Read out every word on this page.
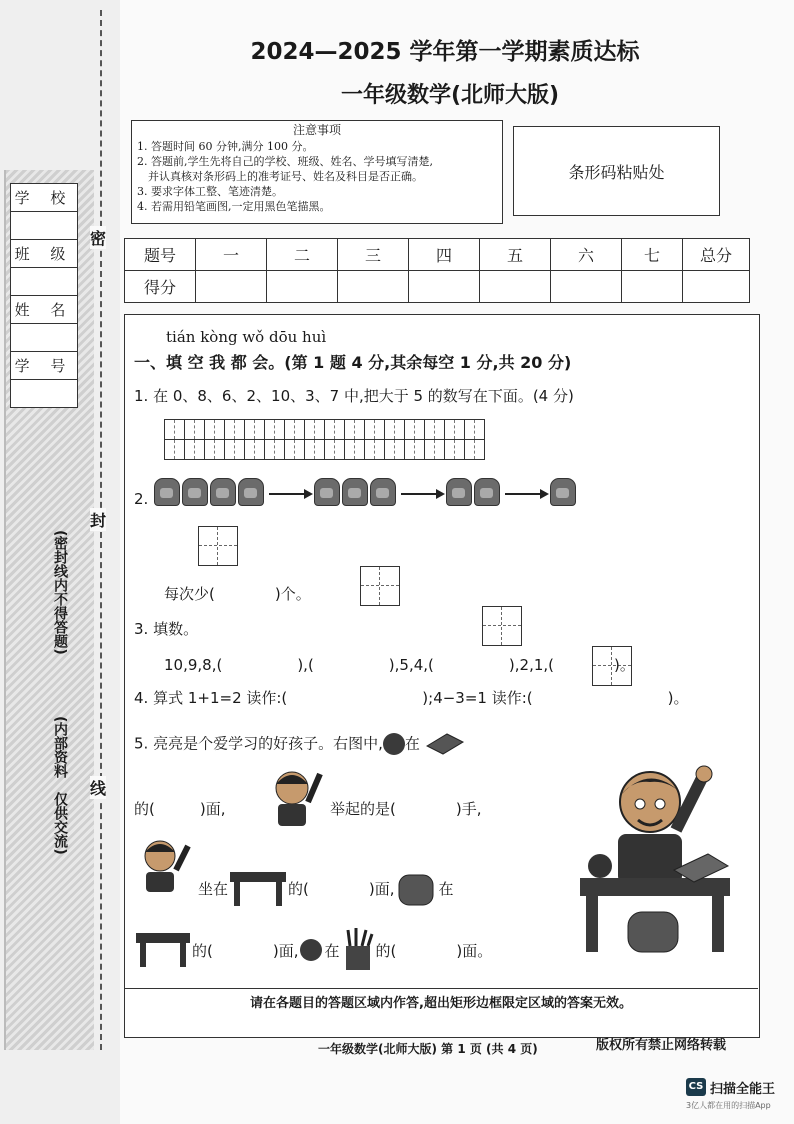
学 校

班 级

姓 名

学 号

密
封
线
(密封线内不得答题)
(内部资料　仅供交流)
2024—2025 学年第一学期素质达标
一年级数学(北师大版)
注意事项
1. 答题时间 60 分钟,满分 100 分。
2. 答题前,学生先将自己的学校、班级、姓名、学号填写清楚,
　并认真核对条形码上的准考证号、姓名及科目是否正确。
3. 要求字体工整、笔迹清楚。
4. 若需用铅笔画图,一定用黑色笔描黑。
条形码粘贴处
题号	一	二	三	四	五	六	七	总分
得分								
tián kòng wǒ dōu huì
一、填 空 我 都 会。(第 1 题 4 分,其余每空 1 分,共 20 分)
1. 在 0、8、6、2、10、3、7 中,把大于 5 的数写在下面。(4 分)
2.
每次少(　　　　)个。
3. 填数。
10,9,8,(　　　　　),(　　　　　),5,4,(　　　　　),2,1,(　　　　)。
4. 算式 1+1=2 读作:(　　　　　　　　　);4−3=1 读作:(　　　　　　　　　)。
5. 亮亮是个爱学习的好孩子。右图中, 在
的(　　　)面,	举起的是(　　　　)手,
坐在	的(　　　　)面,	在
的(　　　　)面, 在 的(　　　　)面。
请在各题目的答题区域内作答,超出矩形边框限定区域的答案无效。
一年级数学(北师大版) 第 1 页 (共 4 页)	版权所有禁止网络转载
CS 扫描全能王
3亿人都在用的扫描App
